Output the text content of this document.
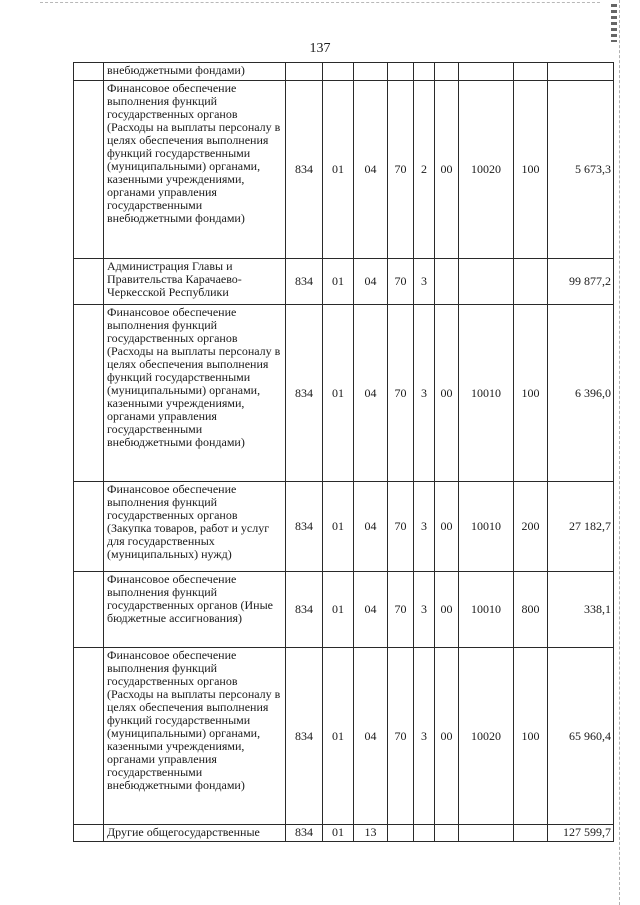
137
	внебюджетными фондами)									
	Финансовое обеспечение выполнения функций государственных органов (Расходы на выплаты персоналу в целях обеспечения выполнения функций государственными (муниципальными) органами, казенными учреждениями, органами управления государственными внебюджетными фондами)	834	01	04	70	2	00	10020	100	5 673,3
	Администрация Главы и Правительства Карачаево-Черкесской Республики	834	01	04	70	3				99 877,2
	Финансовое обеспечение выполнения функций государственных органов (Расходы на выплаты персоналу в целях обеспечения выполнения функций государственными (муниципальными) органами, казенными учреждениями, органами управления государственными внебюджетными фондами)	834	01	04	70	3	00	10010	100	6 396,0
	Финансовое обеспечение выполнения функций государственных органов (Закупка товаров, работ и услуг для государственных (муниципальных) нужд)	834	01	04	70	3	00	10010	200	27 182,7
	Финансовое обеспечение выполнения функций государственных органов (Иные бюджетные ассигнования)	834	01	04	70	3	00	10010	800	338,1
	Финансовое обеспечение выполнения функций государственных органов (Расходы на выплаты персоналу в целях обеспечения выполнения функций государственными (муниципальными) органами, казенными учреждениями, органами управления государственными внебюджетными фондами)	834	01	04	70	3	00	10020	100	65 960,4
	Другие общегосударственные	834	01	13						127 599,7
